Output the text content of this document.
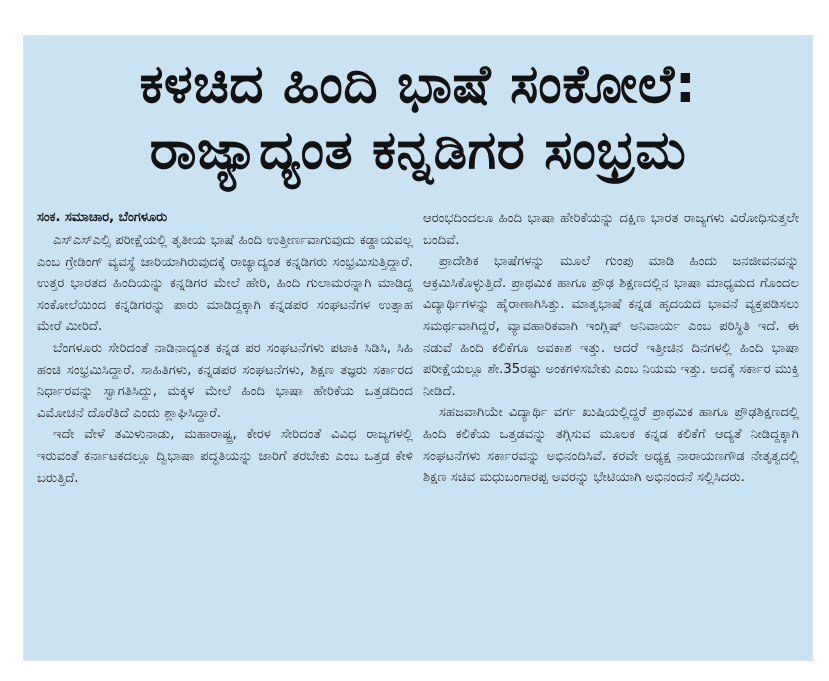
ಕಳಚಿದ ಹಿಂದಿ ಭಾಷೆ ಸಂಕೋಲೆ:
ರಾಜ್ಯಾದ್ಯಂತ ಕನ್ನಡಿಗರ ಸಂಭ್ರಮ
ಸಂಕ. ಸಮಾಚಾರ, ಬೆಂಗಳೂರು

ಎಸ್ಎಸ್ಎಲ್ಸಿ ಪರೀಕ್ಷೆಯಲ್ಲಿ ತೃತೀಯ ಭಾಷೆ ಹಿಂದಿ ಉತ್ತೀರ್ಣವಾಗುವುದು ಕಡ್ಡಾಯವಲ್ಲ ಎಂಬ ಗ್ರೇಡಿಂಗ್ ವ್ಯವಸ್ಥೆ ಜಾರಿಯಾಗಿರುವುದಕ್ಕೆ ರಾಜ್ಯಾದ್ಯಂತ ಕನ್ನಡಿಗರು ಸಂಭ್ರಮಿಸುತ್ತಿದ್ದಾರೆ. ಉತ್ತರ ಭಾರತದ ಹಿಂದಿಯನ್ನು ಕನ್ನಡಿಗರ ಮೇಲೆ ಹೇರಿ, ಹಿಂದಿ ಗುಲಾಮರನ್ನಾಗಿ ಮಾಡಿದ್ದ ಸಂಕೋಲೆಯಿಂದ ಕನ್ನಡಿಗರನ್ನು ಪಾರು ಮಾಡಿದ್ದಕ್ಕಾಗಿ ಕನ್ನಡಪರ ಸಂಘಟನೆಗಳ ಉತ್ಸಾಹ ಮೇರೆ ಮೀರಿದೆ.

ಬೆಂಗಳೂರು ಸೇರಿದಂತೆ ನಾಡಿನಾದ್ಯಂತ ಕನ್ನಡ ಪರ ಸಂಘಟನೆಗಳು ಪಟಾಕಿ ಸಿಡಿಸಿ, ಸಿಹಿ ಹಂಚಿ ಸಂಭ್ರಮಿಸಿದ್ದಾರೆ. ಸಾಹಿತಿಗಳು, ಕನ್ನಡಪರ ಸಂಘಟನೆಗಳು, ಶಿಕ್ಷಣ ತಜ್ಞರು ಸರ್ಕಾರದ ನಿರ್ಧಾರವನ್ನು ಸ್ವಾಗತಿಸಿದ್ದು, ಮಕ್ಕಳ ಮೇಲೆ ಹಿಂದಿ ಭಾಷಾ ಹೇರಿಕೆಯ ಒತ್ತಡದಿಂದ ವಿಮೋಚನೆ ದೊರೆತಿದೆ ಎಂದು ಶ್ಲಾಘಿಸಿದ್ದಾರೆ.

ಇದೇ ವೇಳೆ ತಮಿಳುನಾಡು, ಮಹಾರಾಷ್ಟ್ರ, ಕೇರಳ ಸೇರಿದಂತೆ ವಿವಿಧ ರಾಜ್ಯಗಳಲ್ಲಿ ಇರುವಂತೆ ಕರ್ನಾಟಕದಲ್ಲೂ ದ್ವಿಭಾಷಾ ಪದ್ಧತಿಯನ್ನು ಜಾರಿಗೆ ತರಬೇಕು ಎಂಬ ಒತ್ತಡ ಕೇಳಿ ಬರುತ್ತಿದೆ.

ಆರಂಭದಿಂದಲೂ ಹಿಂದಿ ಭಾಷಾ ಹೇರಿಕೆಯನ್ನು ದಕ್ಷಿಣ ಭಾರತ ರಾಜ್ಯಗಳು ವಿರೋಧಿಸುತ್ತಲೇ ಬಂದಿವೆ.

ಪ್ರಾದೇಶಿಕ ಭಾಷೆಗಳನ್ನು ಮೂಲೆ ಗುಂಪು ಮಾಡಿ ಹಿಂದು ಜನಜೀವನವನ್ನು ಆಕ್ರಮಿಸಿಕೊಳ್ಳುತ್ತಿದೆ. ಪ್ರಾಥಮಿಕ ಹಾಗೂ ಪ್ರೌಢ ಶಿಕ್ಷಣದಲ್ಲಿನ ಭಾಷಾ ಮಾಧ್ಯಮದ ಗೊಂದಲ ವಿದ್ಯಾರ್ಥಿಗಳನ್ನು ಹೈರಾಣಾಗಿಸಿತ್ತು. ಮಾತೃಭಾಷೆ ಕನ್ನಡ ಹೃದಯದ ಭಾವನೆ ವ್ಯಕ್ತಪಡಿಸಲು ಸಮರ್ಥವಾಗಿದ್ದರೆ, ವ್ಯಾವಹಾರಿಕವಾಗಿ ಇಂಗ್ಲಿಷ್ ಅನಿವಾರ್ಯ ಎಂಬ ಪರಿಸ್ಥಿತಿ ಇದೆ. ಈ ನಡುವೆ ಹಿಂದಿ ಕಲಿಕೆಗೂ ಅವಕಾಶ ಇತ್ತು. ಆದರೆ ಇತ್ತೀಚಿನ ದಿನಗಳಲ್ಲಿ ಹಿಂದಿ ಭಾಷಾ ಪರೀಕ್ಷೆಯಲ್ಲೂ ಶೇ.35ರಷ್ಟು ಅಂಕಗಳಿಸಬೇಕು ಎಂಬ ನಿಯಮ ಇತ್ತು. ಅದಕ್ಕೆ ಸರ್ಕಾರ ಮುಕ್ತಿ ನೀಡಿದೆ.

ಸಹಜವಾಗಿಯೇ ವಿದ್ಯಾರ್ಥಿ ವರ್ಗ ಖುಷಿಯಲ್ಲಿದ್ದರೆ ಪ್ರಾಥಮಿಕ ಹಾಗೂ ಪ್ರೌಢಶಿಕ್ಷಣದಲ್ಲಿ ಹಿಂದಿ ಕಲಿಕೆಯ ಒತ್ತಡವನ್ನು ತಗ್ಗಿಸುವ ಮೂಲಕ ಕನ್ನಡ ಕಲಿಕೆಗೆ ಆದ್ಯತೆ ನೀಡಿದ್ದಕ್ಕಾಗಿ ಸಂಘಟನೆಗಳು ಸರ್ಕಾರವನ್ನು ಅಭಿನಂದಿಸಿವೆ. ಕರವೇ ಅಧ್ಯಕ್ಷ ನಾರಾಯಣಗೌಡ ನೇತೃತ್ವದಲ್ಲಿ ಶಿಕ್ಷಣ ಸಚಿವ ಮಧುಬಂಗಾರಪ್ಪ ಅವರನ್ನು ಭೇಟಿಯಾಗಿ ಅಭಿನಂದನೆ ಸಲ್ಲಿಸಿದರು.
